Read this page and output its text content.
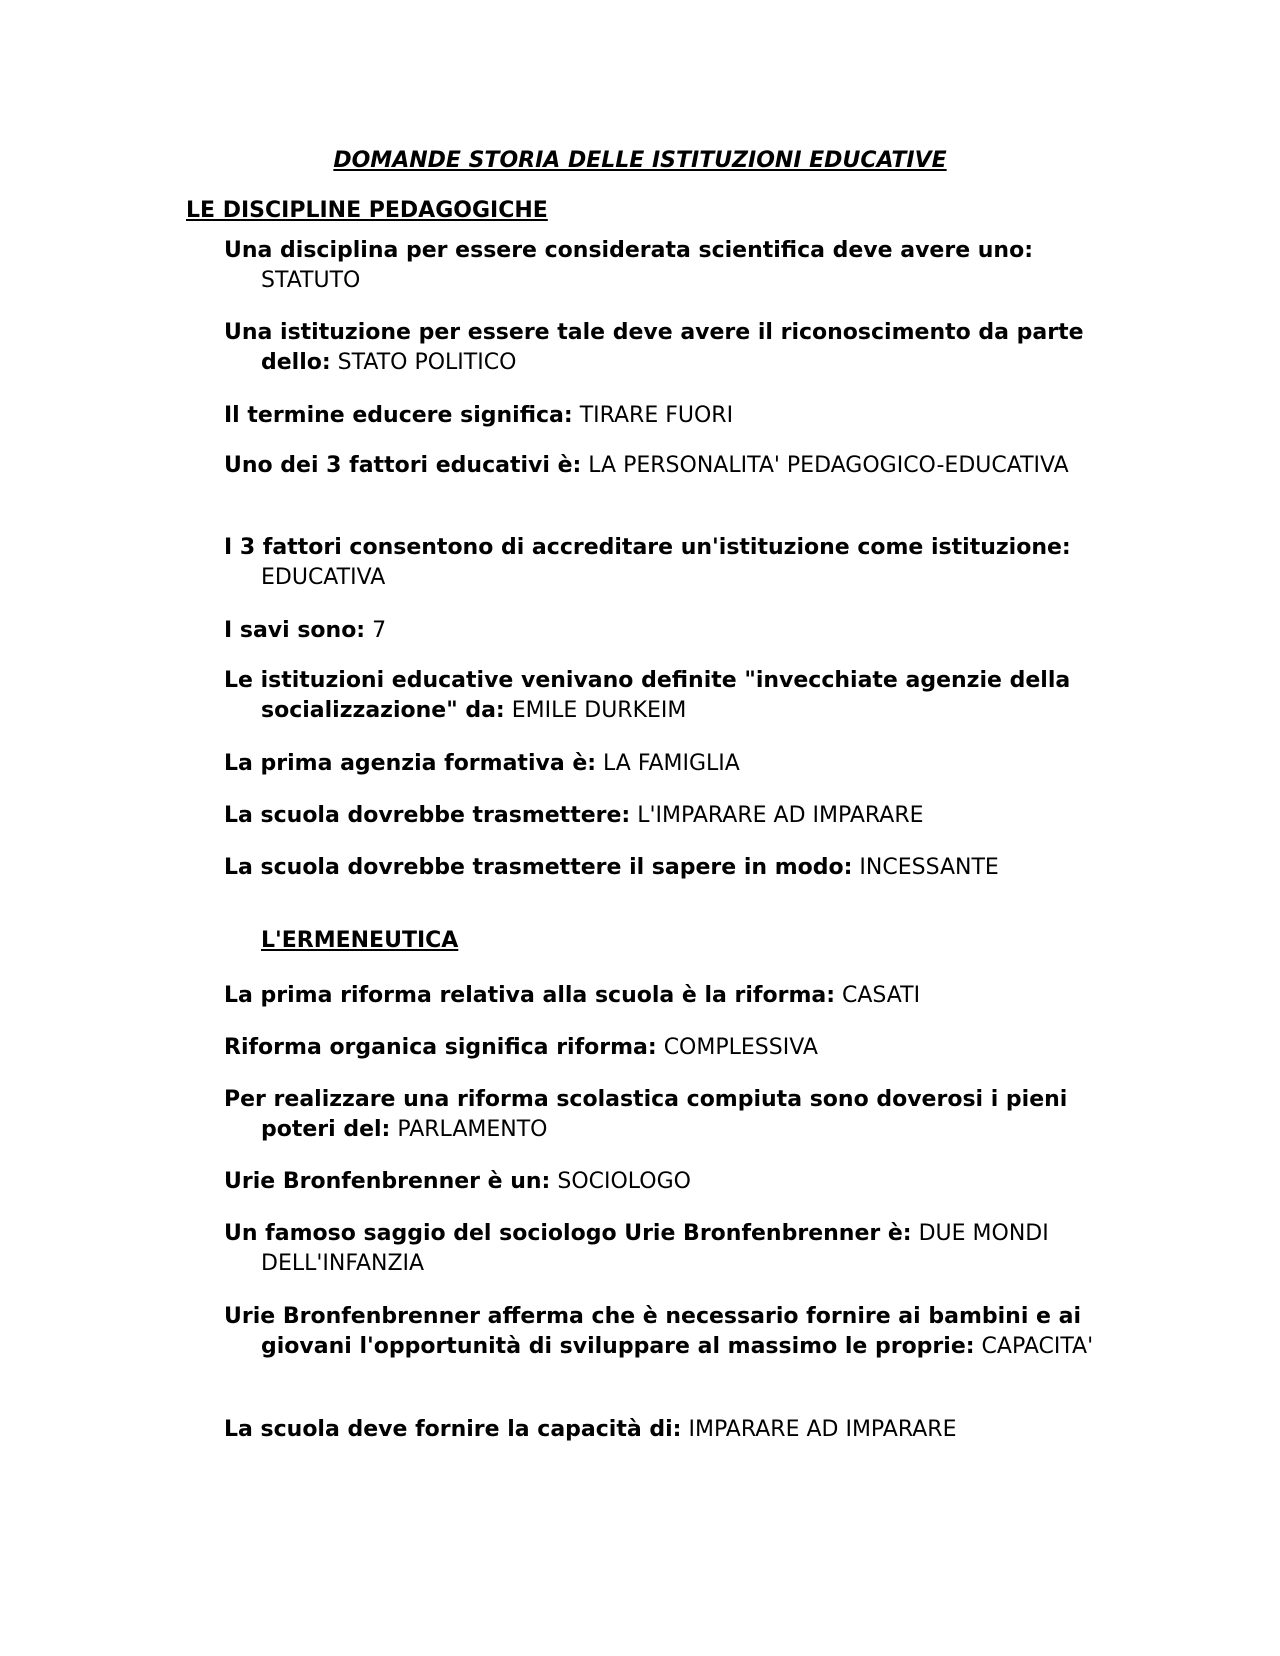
DOMANDE STORIA DELLE ISTITUZIONI EDUCATIVE
LE DISCIPLINE PEDAGOGICHE
Una disciplina per essere considerata scientifica deve avere uno: STATUTO
Una istituzione per essere tale deve avere il riconoscimento da parte dello: STATO POLITICO
Il termine educere significa: TIRARE FUORI
Uno dei 3 fattori educativi è: LA PERSONALITA' PEDAGOGICO-EDUCATIVA
I 3 fattori consentono di accreditare un'istituzione come istituzione: EDUCATIVA
I savi sono: 7
Le istituzioni educative venivano definite "invecchiate agenzie della socializzazione" da: EMILE DURKEIM
La prima agenzia formativa è: LA FAMIGLIA
La scuola dovrebbe trasmettere: L'IMPARARE AD IMPARARE
La scuola dovrebbe trasmettere il sapere in modo: INCESSANTE
L'ERMENEUTICA
La prima riforma relativa alla scuola è la riforma: CASATI
Riforma organica significa riforma: COMPLESSIVA
Per realizzare una riforma scolastica compiuta sono doverosi i pieni poteri del: PARLAMENTO
Urie Bronfenbrenner è un: SOCIOLOGO
Un famoso saggio del sociologo Urie Bronfenbrenner è: DUE MONDI DELL'INFANZIA
Urie Bronfenbrenner afferma che è necessario fornire ai bambini e ai giovani l'opportunità di sviluppare al massimo le proprie: CAPACITA'
La scuola deve fornire la capacità di: IMPARARE AD IMPARARE
